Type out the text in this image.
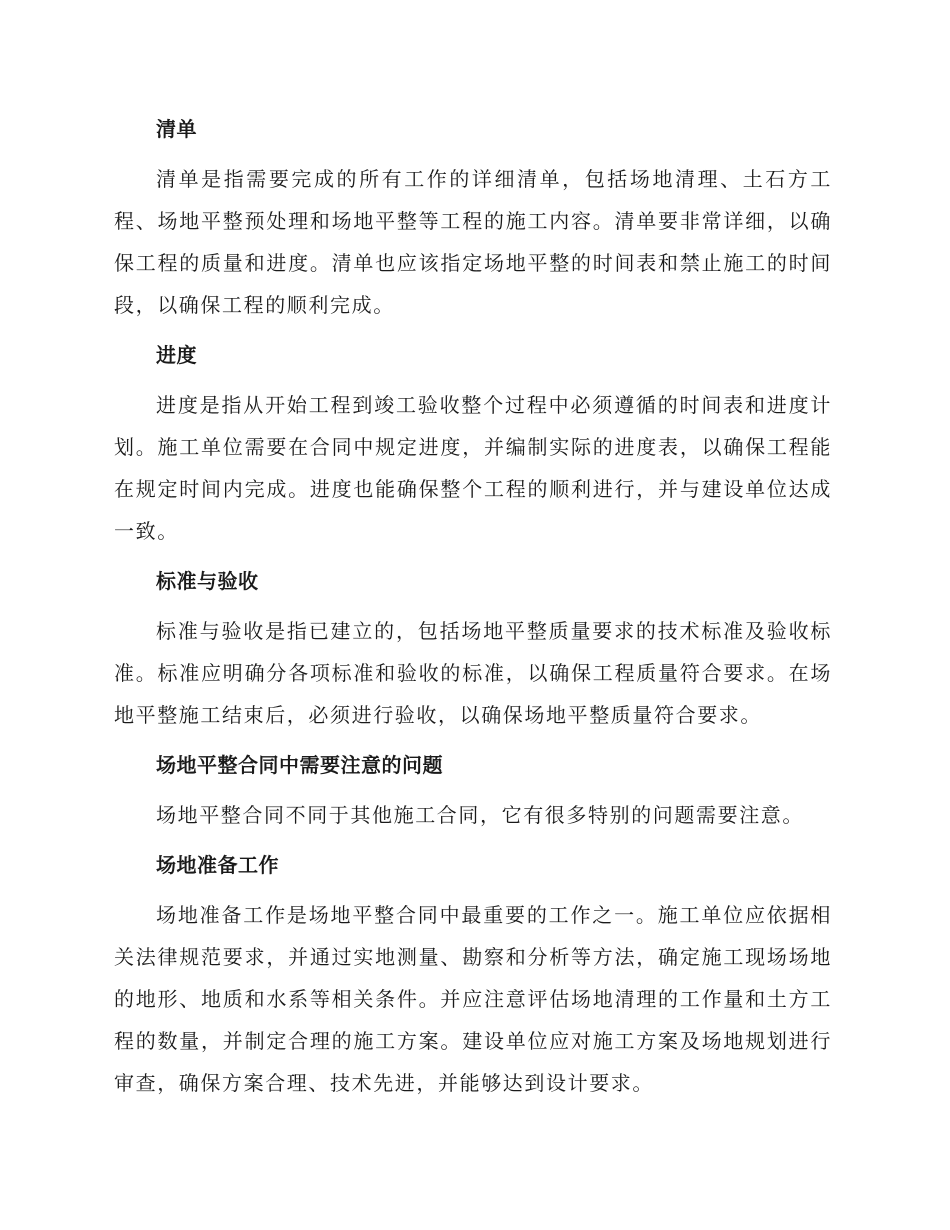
清单

清单是指需要完成的所有工作的详细清单，包括场地清理、土石方工程、场地平整预处理和场地平整等工程的施工内容。清单要非常详细，以确保工程的质量和进度。清单也应该指定场地平整的时间表和禁止施工的时间段，以确保工程的顺利完成。

进度

进度是指从开始工程到竣工验收整个过程中必须遵循的时间表和进度计划。施工单位需要在合同中规定进度，并编制实际的进度表，以确保工程能在规定时间内完成。进度也能确保整个工程的顺利进行，并与建设单位达成一致。

标准与验收

标准与验收是指已建立的，包括场地平整质量要求的技术标准及验收标准。标准应明确分各项标准和验收的标准，以确保工程质量符合要求。在场地平整施工结束后，必须进行验收，以确保场地平整质量符合要求。

场地平整合同中需要注意的问题

场地平整合同不同于其他施工合同，它有很多特别的问题需要注意。

场地准备工作

场地准备工作是场地平整合同中最重要的工作之一。施工单位应依据相关法律规范要求，并通过实地测量、勘察和分析等方法，确定施工现场场地的地形、地质和水系等相关条件。并应注意评估场地清理的工作量和土方工程的数量，并制定合理的施工方案。建设单位应对施工方案及场地规划进行审查，确保方案合理、技术先进，并能够达到设计要求。
